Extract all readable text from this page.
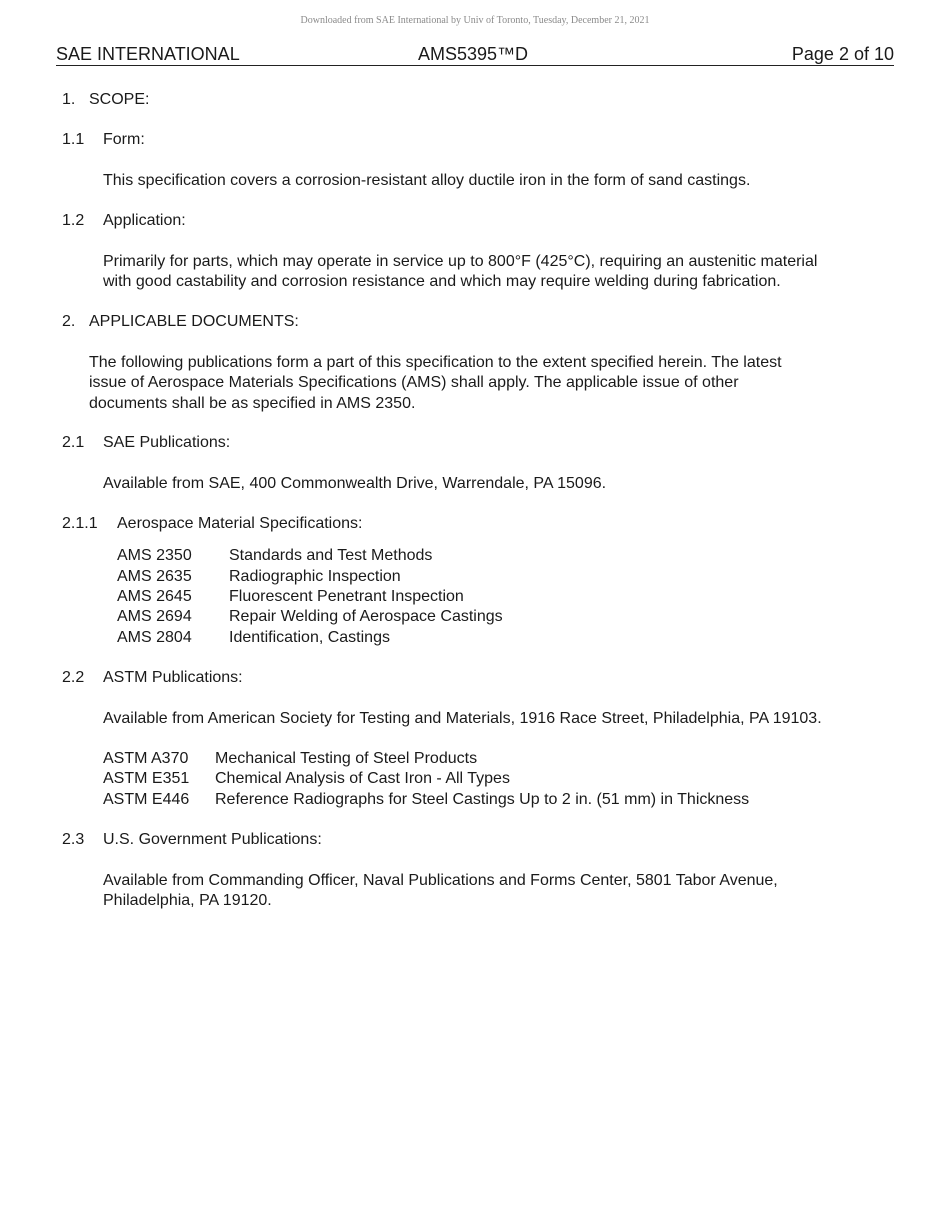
Downloaded from SAE International by Univ of Toronto, Tuesday, December 21, 2021
SAE INTERNATIONAL	AMS5395™D	Page 2 of 10
1. SCOPE:
1.1 Form:
This specification covers a corrosion-resistant alloy ductile iron in the form of sand castings.
1.2 Application:
Primarily for parts, which may operate in service up to 800°F (425°C), requiring an austenitic material
with good castability and corrosion resistance and which may require welding during fabrication.
2. APPLICABLE DOCUMENTS:
The following publications form a part of this specification to the extent specified herein. The latest
issue of Aerospace Materials Specifications (AMS) shall apply. The applicable issue of other
documents shall be as specified in AMS 2350.
2.1 SAE Publications:
Available from SAE, 400 Commonwealth Drive, Warrendale, PA 15096.
2.1.1 Aerospace Material Specifications:
AMS 2350 Standards and Test Methods
AMS 2635 Radiographic Inspection
AMS 2645 Fluorescent Penetrant Inspection
AMS 2694 Repair Welding of Aerospace Castings
AMS 2804 Identification, Castings
2.2 ASTM Publications:
Available from American Society for Testing and Materials, 1916 Race Street, Philadelphia, PA 19103.
ASTM A370 Mechanical Testing of Steel Products
ASTM E351 Chemical Analysis of Cast Iron - All Types
ASTM E446 Reference Radiographs for Steel Castings Up to 2 in. (51 mm) in Thickness
2.3 U.S. Government Publications:
Available from Commanding Officer, Naval Publications and Forms Center, 5801 Tabor Avenue,
Philadelphia, PA 19120.
